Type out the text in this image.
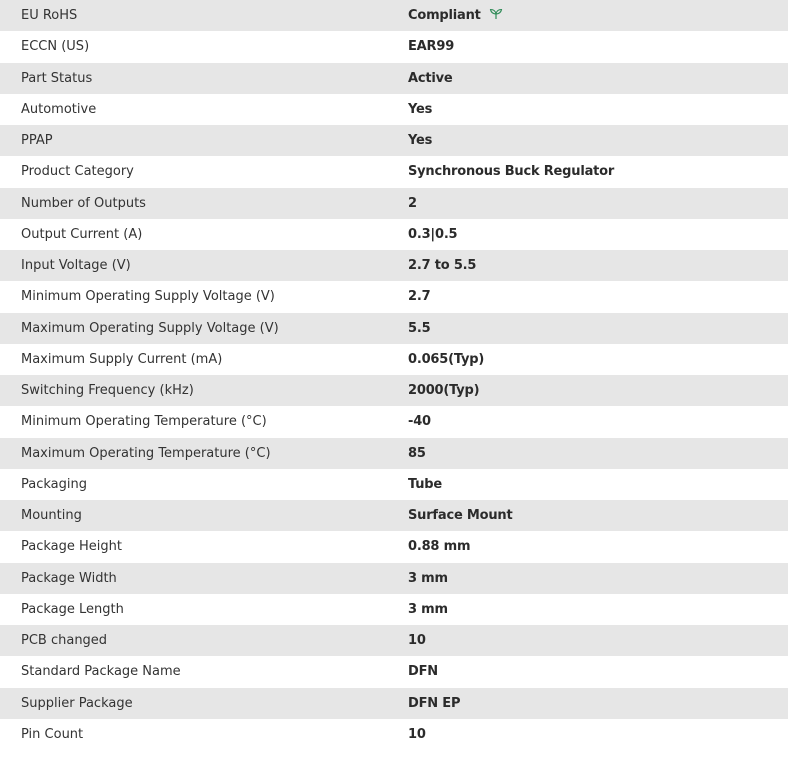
EU RoHS	Compliant
ECCN (US)	EAR99
Part Status	Active
Automotive	Yes
PPAP	Yes
Product Category	Synchronous Buck Regulator
Number of Outputs	2
Output Current (A)	0.3|0.5
Input Voltage (V)	2.7 to 5.5
Minimum Operating Supply Voltage (V)	2.7
Maximum Operating Supply Voltage (V)	5.5
Maximum Supply Current (mA)	0.065(Typ)
Switching Frequency (kHz)	2000(Typ)
Minimum Operating Temperature (°C)	-40
Maximum Operating Temperature (°C)	85
Packaging	Tube
Mounting	Surface Mount
Package Height	0.88 mm
Package Width	3 mm
Package Length	3 mm
PCB changed	10
Standard Package Name	DFN
Supplier Package	DFN EP
Pin Count	10
